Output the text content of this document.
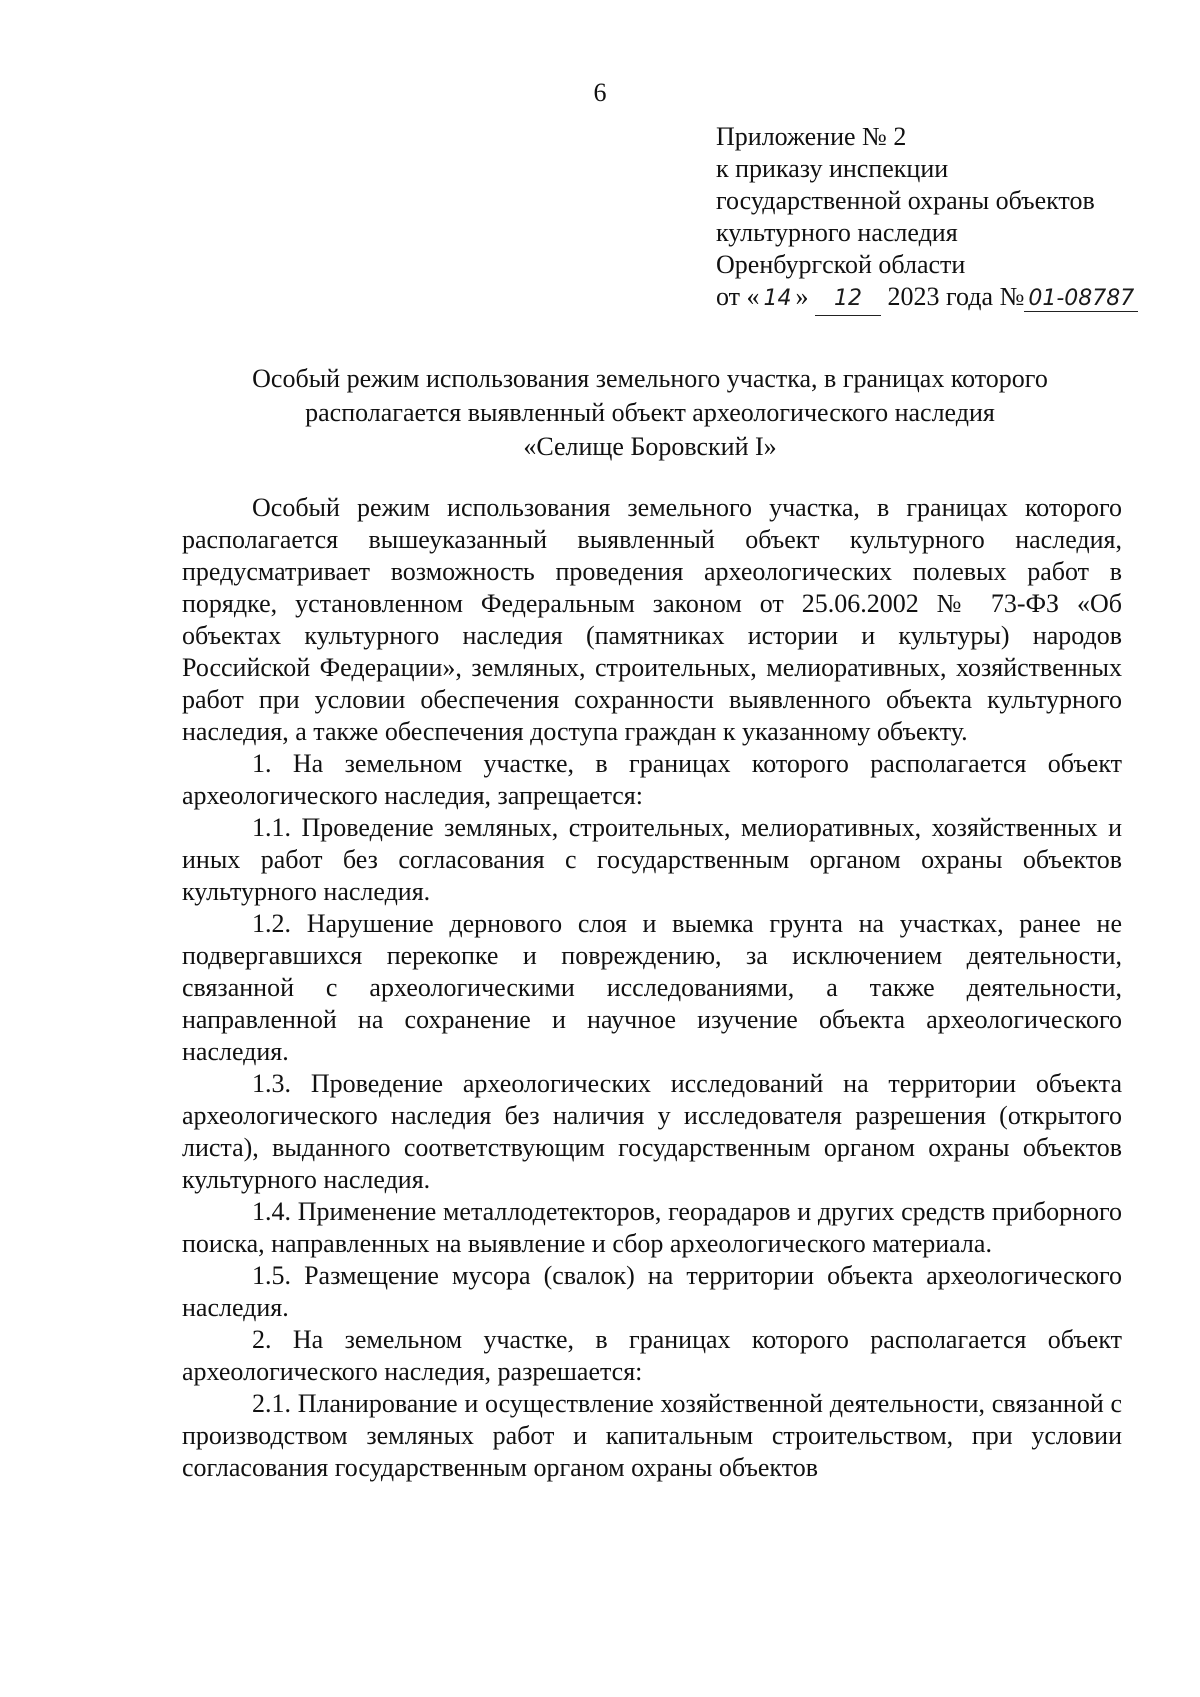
6
Приложение № 2
к приказу инспекции
государственной охраны объектов
культурного наследия
Оренбургской области
от « 14 » 12 2023 года № 01-08787
Особый режим использования земельного участка, в границах которого
располагается выявленный объект археологического наследия
«Селище Боровский I»

Особый режим использования земельного участка, в границах которого располагается вышеуказанный выявленный объект культурного наследия, предусматривает возможность проведения археологических полевых работ в порядке, установленном Федеральным законом от 25.06.2002 № 73-ФЗ «Об объектах культурного наследия (памятниках истории и культуры) народов Российской Федерации», земляных, строительных, мелиоративных, хозяйственных работ при условии обеспечения сохранности выявленного объекта культурного наследия, а также обеспечения доступа граждан к указанному объекту.

1. На земельном участке, в границах которого располагается объект археологического наследия, запрещается:

1.1. Проведение земляных, строительных, мелиоративных, хозяйственных и иных работ без согласования с государственным органом охраны объектов культурного наследия.

1.2. Нарушение дернового слоя и выемка грунта на участках, ранее не подвергавшихся перекопке и повреждению, за исключением деятельности, связанной с археологическими исследованиями, а также деятельности, направленной на сохранение и научное изучение объекта археологического наследия.

1.3. Проведение археологических исследований на территории объекта археологического наследия без наличия у исследователя разрешения (открытого листа), выданного соответствующим государственным органом охраны объектов культурного наследия.

1.4. Применение металлодетекторов, георадаров и других средств приборного поиска, направленных на выявление и сбор археологического материала.

1.5. Размещение мусора (свалок) на территории объекта археологического наследия.

2. На земельном участке, в границах которого располагается объект археологического наследия, разрешается:

2.1. Планирование и осуществление хозяйственной деятельности, связанной с производством земляных работ и капитальным строительством, при условии согласования государственным органом охраны объектов
